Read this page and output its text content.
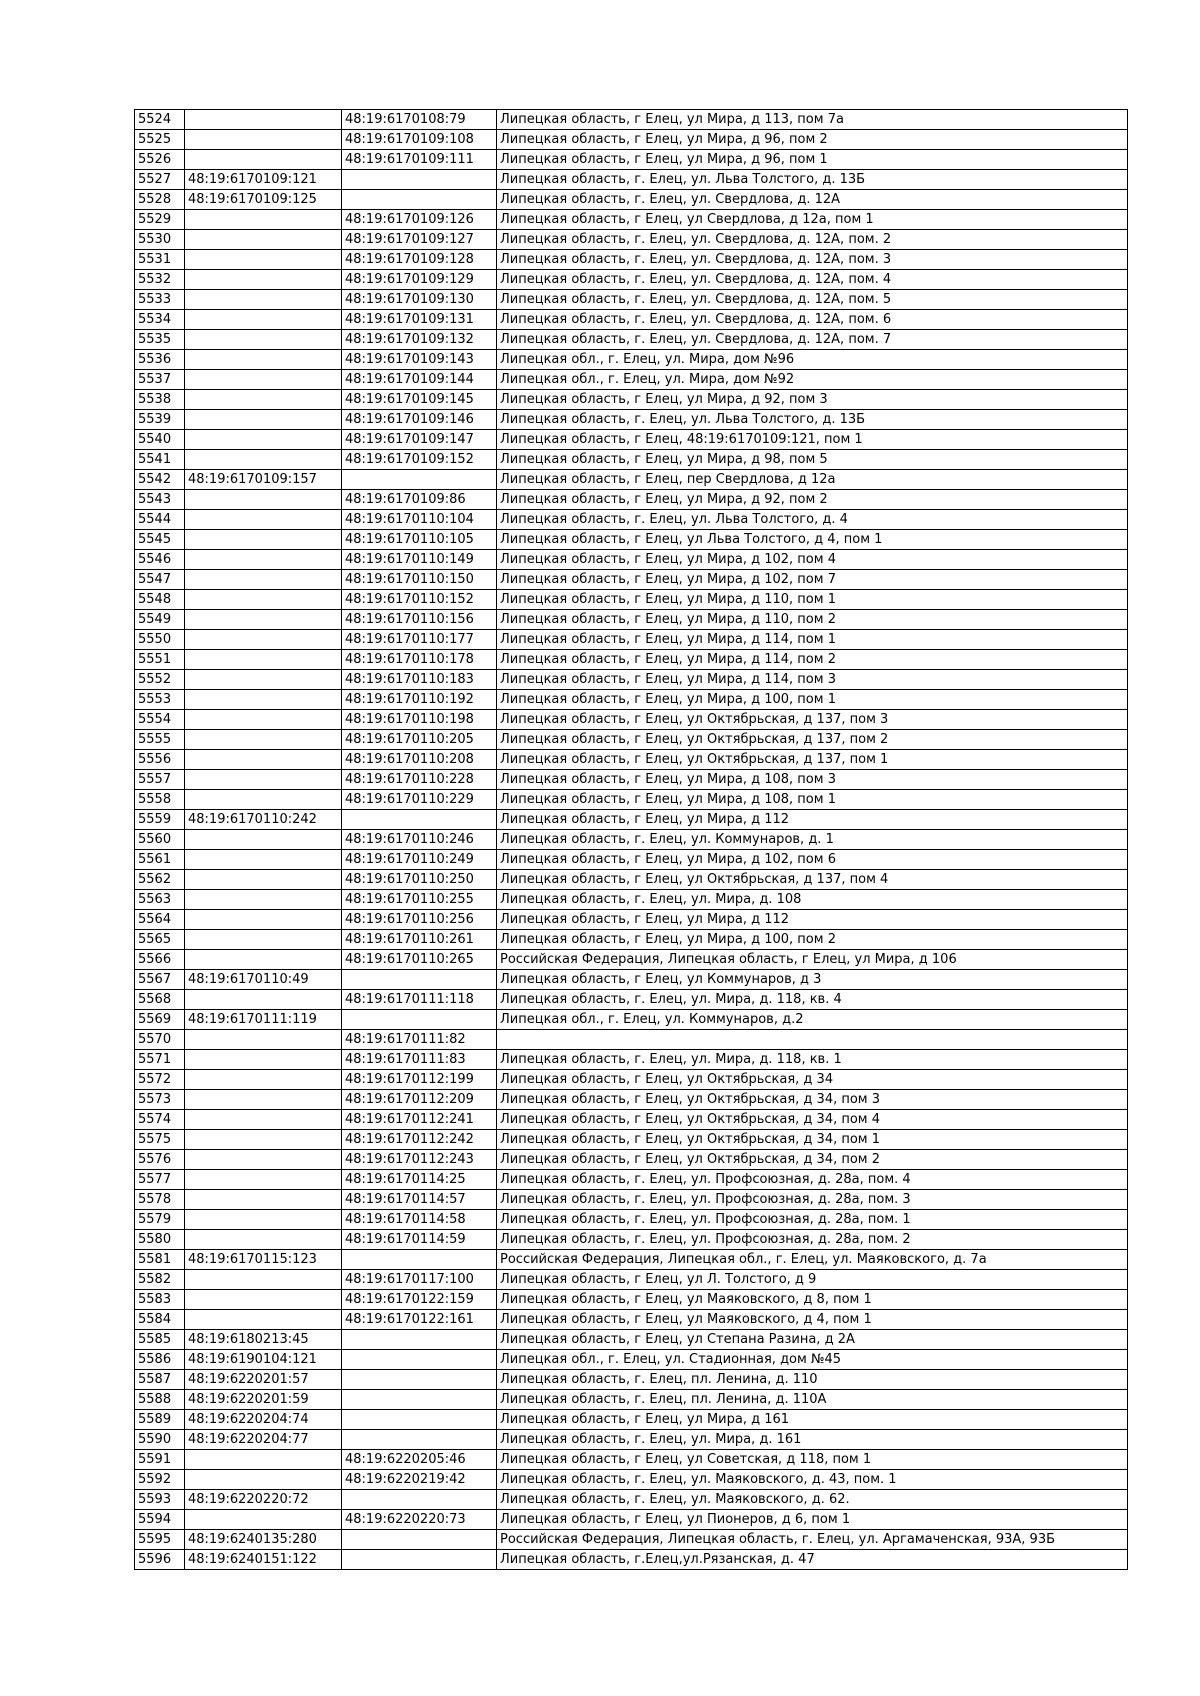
5524		48:19:6170108:79	Липецкая область, г Елец, ул Мира, д 113, пом 7а
5525		48:19:6170109:108	Липецкая область, г Елец, ул Мира, д 96, пом 2
5526		48:19:6170109:111	Липецкая область, г Елец, ул Мира, д 96, пом 1
5527	48:19:6170109:121		Липецкая область, г. Елец, ул. Льва Толстого, д. 13Б
5528	48:19:6170109:125		Липецкая область, г. Елец, ул. Свердлова, д. 12А
5529		48:19:6170109:126	Липецкая область, г Елец, ул Свердлова, д 12а, пом 1
5530		48:19:6170109:127	Липецкая область, г. Елец, ул. Свердлова, д. 12А, пом. 2
5531		48:19:6170109:128	Липецкая область, г. Елец, ул. Свердлова, д. 12А, пом. 3
5532		48:19:6170109:129	Липецкая область, г. Елец, ул. Свердлова, д. 12А, пом. 4
5533		48:19:6170109:130	Липецкая область, г. Елец, ул. Свердлова, д. 12А, пом. 5
5534		48:19:6170109:131	Липецкая область, г. Елец, ул. Свердлова, д. 12А, пом. 6
5535		48:19:6170109:132	Липецкая область, г. Елец, ул. Свердлова, д. 12А, пом. 7
5536		48:19:6170109:143	Липецкая обл., г. Елец, ул. Мира, дом №96
5537		48:19:6170109:144	Липецкая обл., г. Елец, ул. Мира, дом №92
5538		48:19:6170109:145	Липецкая область, г Елец, ул Мира, д 92, пом 3
5539		48:19:6170109:146	Липецкая область, г. Елец, ул. Льва Толстого, д. 13Б
5540		48:19:6170109:147	Липецкая область, г Елец, 48:19:6170109:121, пом 1
5541		48:19:6170109:152	Липецкая область, г Елец, ул Мира, д 98, пом 5
5542	48:19:6170109:157		Липецкая область, г Елец, пер Свердлова, д 12а
5543		48:19:6170109:86	Липецкая область, г Елец, ул Мира, д 92, пом 2
5544		48:19:6170110:104	Липецкая область, г. Елец, ул. Льва Толстого, д. 4
5545		48:19:6170110:105	Липецкая область, г Елец, ул Льва Толстого, д 4, пом 1
5546		48:19:6170110:149	Липецкая область, г Елец, ул Мира, д 102, пом 4
5547		48:19:6170110:150	Липецкая область, г Елец, ул Мира, д 102, пом 7
5548		48:19:6170110:152	Липецкая область, г Елец, ул Мира, д 110, пом 1
5549		48:19:6170110:156	Липецкая область, г Елец, ул Мира, д 110, пом 2
5550		48:19:6170110:177	Липецкая область, г Елец, ул Мира, д 114, пом 1
5551		48:19:6170110:178	Липецкая область, г Елец, ул Мира, д 114, пом 2
5552		48:19:6170110:183	Липецкая область, г Елец, ул Мира, д 114, пом 3
5553		48:19:6170110:192	Липецкая область, г Елец, ул Мира, д 100, пом 1
5554		48:19:6170110:198	Липецкая область, г Елец, ул Октябрьская, д 137, пом 3
5555		48:19:6170110:205	Липецкая область, г Елец, ул Октябрьская, д 137, пом 2
5556		48:19:6170110:208	Липецкая область, г Елец, ул Октябрьская, д 137, пом 1
5557		48:19:6170110:228	Липецкая область, г Елец, ул Мира, д 108, пом 3
5558		48:19:6170110:229	Липецкая область, г Елец, ул Мира, д 108, пом 1
5559	48:19:6170110:242		Липецкая область, г Елец, ул Мира, д 112
5560		48:19:6170110:246	Липецкая область, г. Елец, ул. Коммунаров, д. 1
5561		48:19:6170110:249	Липецкая область, г Елец, ул Мира, д 102, пом 6
5562		48:19:6170110:250	Липецкая область, г Елец, ул Октябрьская, д 137, пом 4
5563		48:19:6170110:255	Липецкая область, г. Елец, ул. Мира, д. 108
5564		48:19:6170110:256	Липецкая область, г Елец, ул Мира, д 112
5565		48:19:6170110:261	Липецкая область, г Елец, ул Мира, д 100, пом 2
5566		48:19:6170110:265	Российская Федерация, Липецкая область, г Елец, ул Мира, д 106
5567	48:19:6170110:49		Липецкая область, г Елец, ул Коммунаров, д 3
5568		48:19:6170111:118	Липецкая область, г. Елец, ул. Мира, д. 118, кв. 4
5569	48:19:6170111:119		Липецкая обл., г. Елец, ул. Коммунаров, д.2
5570		48:19:6170111:82	
5571		48:19:6170111:83	Липецкая область, г. Елец, ул. Мира, д. 118, кв. 1
5572		48:19:6170112:199	Липецкая область, г Елец, ул Октябрьская, д 34
5573		48:19:6170112:209	Липецкая область, г Елец, ул Октябрьская, д 34, пом 3
5574		48:19:6170112:241	Липецкая область, г Елец, ул Октябрьская, д 34, пом 4
5575		48:19:6170112:242	Липецкая область, г Елец, ул Октябрьская, д 34, пом 1
5576		48:19:6170112:243	Липецкая область, г Елец, ул Октябрьская, д 34, пом 2
5577		48:19:6170114:25	Липецкая область, г. Елец, ул. Профсоюзная, д. 28а, пом. 4
5578		48:19:6170114:57	Липецкая область, г. Елец, ул. Профсоюзная, д. 28а, пом. 3
5579		48:19:6170114:58	Липецкая область, г. Елец, ул. Профсоюзная, д. 28а, пом. 1
5580		48:19:6170114:59	Липецкая область, г. Елец, ул. Профсоюзная, д. 28а, пом. 2
5581	48:19:6170115:123		Российская Федерация, Липецкая обл., г. Елец, ул. Маяковского, д. 7а
5582		48:19:6170117:100	Липецкая область, г Елец, ул Л. Толстого, д 9
5583		48:19:6170122:159	Липецкая область, г Елец, ул Маяковского, д 8, пом 1
5584		48:19:6170122:161	Липецкая область, г Елец, ул Маяковского, д 4, пом 1
5585	48:19:6180213:45		Липецкая область, г Елец, ул Степана Разина, д 2А
5586	48:19:6190104:121		Липецкая обл., г. Елец, ул. Стадионная, дом №45
5587	48:19:6220201:57		Липецкая область, г. Елец, пл. Ленина, д. 110
5588	48:19:6220201:59		Липецкая область, г. Елец, пл. Ленина, д. 110А
5589	48:19:6220204:74		Липецкая область, г Елец, ул Мира, д 161
5590	48:19:6220204:77		Липецкая область, г. Елец, ул. Мира, д. 161
5591		48:19:6220205:46	Липецкая область, г Елец, ул Советская, д 118, пом 1
5592		48:19:6220219:42	Липецкая область, г. Елец, ул. Маяковского, д. 43, пом. 1
5593	48:19:6220220:72		Липецкая область, г. Елец, ул. Маяковского, д. 62.
5594		48:19:6220220:73	Липецкая область, г Елец, ул Пионеров, д 6, пом 1
5595	48:19:6240135:280		Российская Федерация, Липецкая область, г. Елец, ул. Аргамаченская, 93А, 93Б
5596	48:19:6240151:122		Липецкая область, г.Елец,ул.Рязанская, д. 47
